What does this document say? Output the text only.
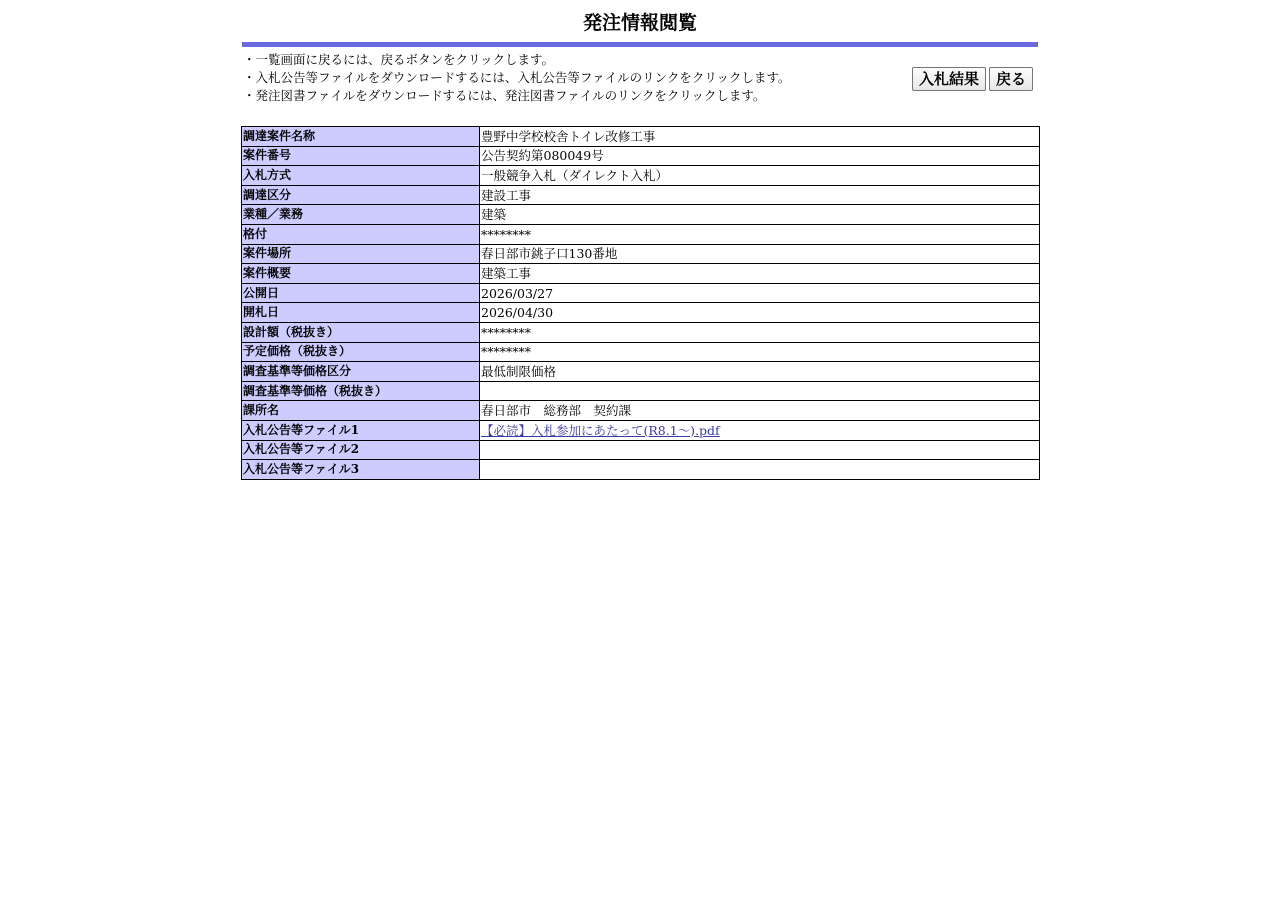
発注情報閲覧
・一覧画面に戻るには、戻るボタンをクリックします。
・入札公告等ファイルをダウンロードするには、入札公告等ファイルのリンクをクリックします。
・発注図書ファイルをダウンロードするには、発注図書ファイルのリンクをクリックします。
入札結果	戻る
調達案件名称	豊野中学校校舎トイレ改修工事
案件番号	公告契約第080049号
入札方式	一般競争入札（ダイレクト入札）
調達区分	建設工事
業種／業務	建築
格付	********
案件場所	春日部市銚子口130番地
案件概要	建築工事
公開日	2026/03/27
開札日	2026/04/30
設計額（税抜き）	********
予定価格（税抜き）	********
調査基準等価格区分	最低制限価格
調査基準等価格（税抜き）	
課所名	春日部市　総務部　契約課
入札公告等ファイル1	【必読】入札参加にあたって(R8.1～).pdf
入札公告等ファイル2	
入札公告等ファイル3	
